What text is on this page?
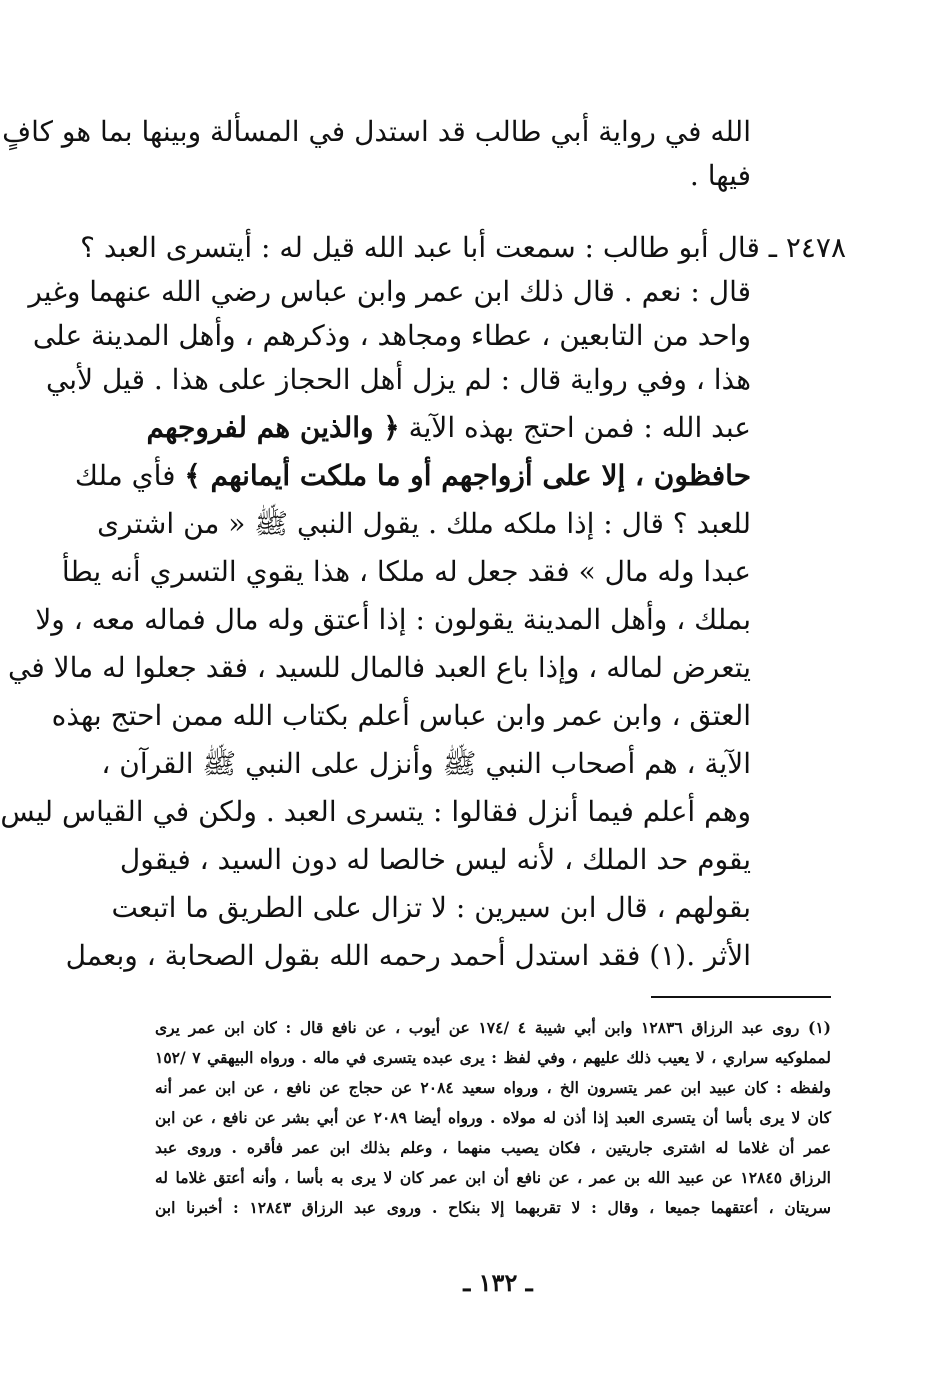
الله في رواية أبي طالب قد استدل في المسألة وبينها بما هو كافٍ
فيها .
٢٤٧٨ ـ قال أبو طالب : سمعت أبا عبد الله قيل له : أيتسرى العبد ؟
قال : نعم . قال ذلك ابن عمر وابن عباس رضي الله عنهما وغير
واحد من التابعين ، عطاء ومجاهد ، وذكرهم ، وأهل المدينة على
هذا ، وفي رواية قال : لم يزل أهل الحجاز على هذا . قيل لأبي
عبد الله : فمن احتج بهذه الآية ﴿ والذين هم لفروجهم
حافظون ، إلا على أزواجهم أو ما ملكت أيمانهم ﴾ فأي ملك
للعبد ؟ قال : إذا ملكه ملك . يقول النبي ﷺ « من اشترى
عبدا وله مال » فقد جعل له ملكا ، هذا يقوي التسري أنه يطأ
بملك ، وأهل المدينة يقولون : إذا أعتق وله مال فماله معه ، ولا
يتعرض لماله ، وإذا باع العبد فالمال للسيد ، فقد جعلوا له مالا في
العتق ، وابن عمر وابن عباس أعلم بكتاب الله ممن احتج بهذه
الآية ، هم أصحاب النبي ﷺ وأنزل على النبي ﷺ القرآن ،
وهم أعلم فيما أنزل فقالوا : يتسرى العبد . ولكن في القياس ليس
يقوم حد الملك ، لأنه ليس خالصا له دون السيد ، فيقول
بقولهم ، قال ابن سيرين : لا تزال على الطريق ما اتبعت
الأثر .(١) فقد استدل أحمد رحمه الله بقول الصحابة ، وبعمل
(١) روى عبد الرزاق ١٢٨٣٦ وابن أبي شيبة ٤ /١٧٤ عن أيوب ، عن نافع قال : كان ابن عمر يرى
لمملوكيه سراري ، لا يعيب ذلك عليهم ، وفي لفظ : يرى عبده يتسرى في ماله . ورواه البيهقي ٧ /١٥٢
ولفظه : كان عبيد ابن عمر يتسرون الخ ، ورواه سعيد ٢٠٨٤ عن حجاج عن نافع ، عن ابن عمر أنه
كان لا يرى بأسا أن يتسرى العبد إذا أذن له مولاه . ورواه أيضا ٢٠٨٩ عن أبي بشر عن نافع ، عن ابن
عمر أن غلاما له اشترى جاريتين ، فكان يصيب منهما ، وعلم بذلك ابن عمر فأقره . وروى عبد
الرزاق ١٢٨٤٥ عن عبيد الله بن عمر ، عن نافع أن ابن عمر كان لا يرى به بأسا ، وأنه أعتق غلاما له
سريتان ، أعتقهما جميعا ، وقال : لا تقربهما إلا بنكاح . وروى عبد الرزاق ١٢٨٤٣ : أخبرنا ابن
ـ ١٣٢ ـ
